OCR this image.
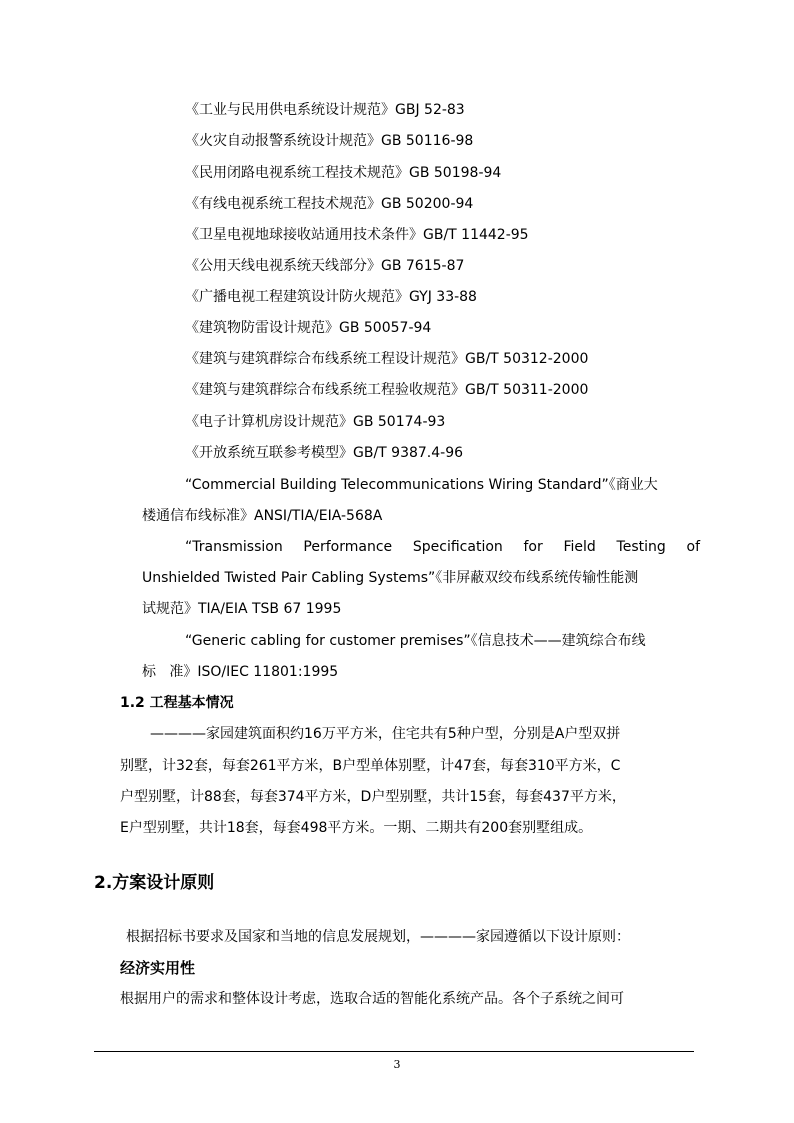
《工业与民用供电系统设计规范》GBJ 52-83
《火灾自动报警系统设计规范》GB 50116-98
《民用闭路电视系统工程技术规范》GB 50198-94
《有线电视系统工程技术规范》GB 50200-94
《卫星电视地球接收站通用技术条件》GB/T 11442-95
《公用天线电视系统天线部分》GB 7615-87
《广播电视工程建筑设计防火规范》GYJ 33-88
《建筑物防雷设计规范》GB 50057-94
《建筑与建筑群综合布线系统工程设计规范》GB/T 50312-2000
《建筑与建筑群综合布线系统工程验收规范》GB/T 50311-2000
《电子计算机房设计规范》GB 50174-93
《开放系统互联参考模型》GB/T 9387.4-96
“Commercial Building Telecommunications Wiring Standard”《商业大
楼通信布线标准》ANSI/TIA/EIA-568A
“Transmission Performance Specification for Field Testing of
Unshielded Twisted Pair Cabling Systems”《非屏蔽双绞布线系统传输性能测
试规范》TIA/EIA TSB 67 1995
“Generic cabling for customer premises”《信息技术——建筑综合布线
标   准》ISO/IEC 11801:1995
1.2 工程基本情况
————家园建筑面积约16万平方米，住宅共有5种户型，分别是A户型双拼
别墅，计32套，每套261平方米，B户型单体别墅，计47套，每套310平方米，C
户型别墅，计88套，每套374平方米，D户型别墅，共计15套，每套437平方米，
E户型别墅，共计18套，每套498平方米。一期、二期共有200套别墅组成。
2.方案设计原则
根据招标书要求及国家和当地的信息发展规划，————家园遵循以下设计原则：
经济实用性
根据用户的需求和整体设计考虑，选取合适的智能化系统产品。各个子系统之间可
3
